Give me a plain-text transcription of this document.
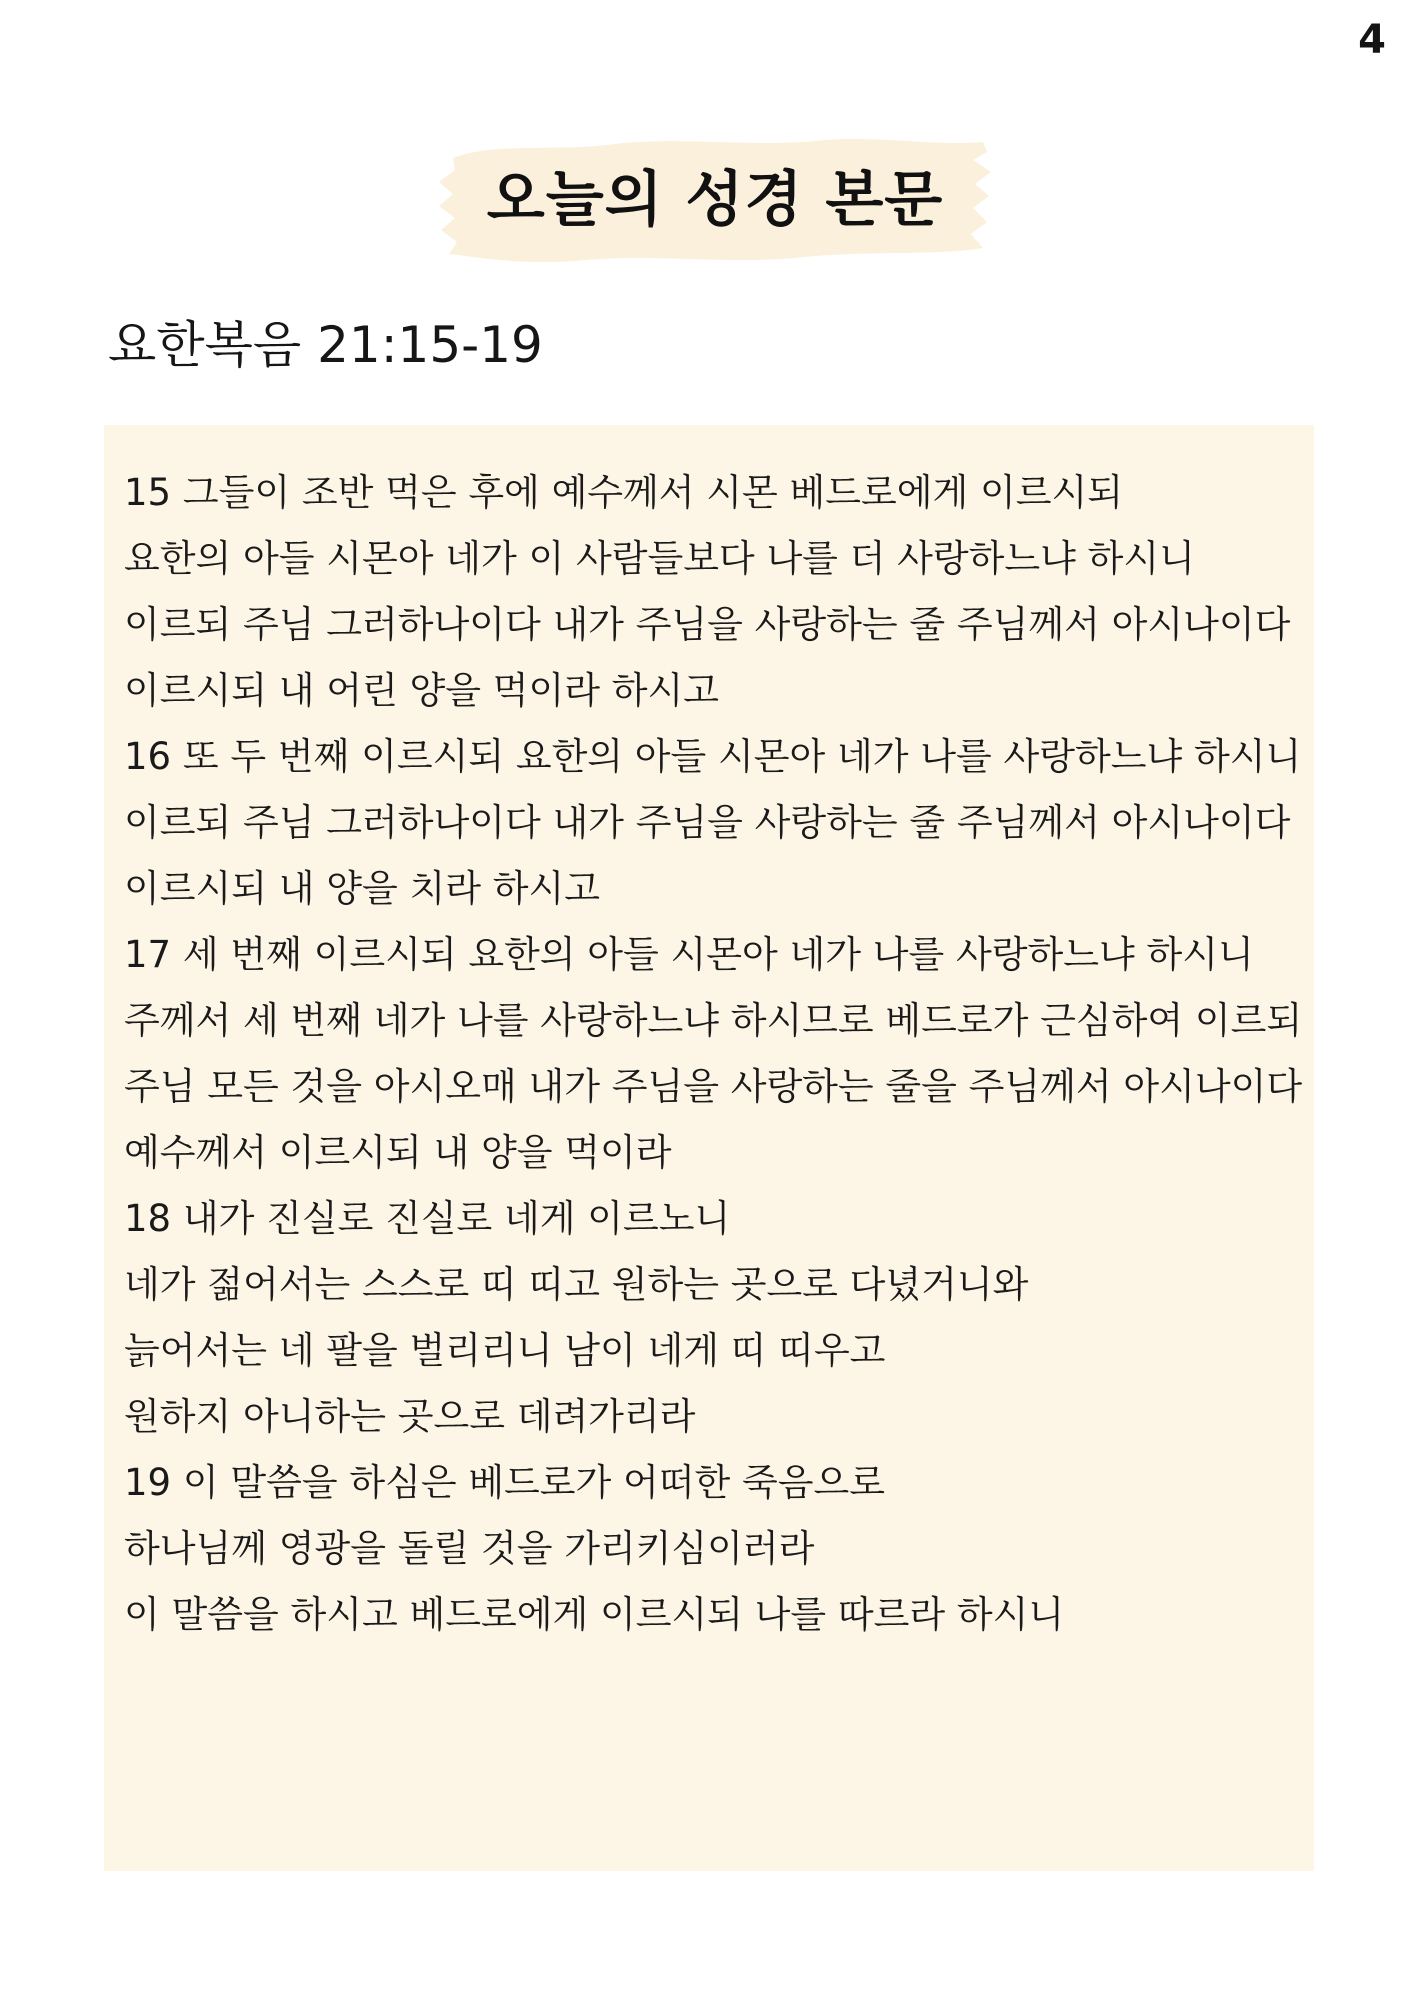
4
오늘의 성경 본문
요한복음 21:15-19
15 그들이 조반 먹은 후에 예수께서 시몬 베드로에게 이르시되
요한의 아들 시몬아 네가 이 사람들보다 나를 더 사랑하느냐 하시니
이르되 주님 그러하나이다 내가 주님을 사랑하는 줄 주님께서 아시나이다
이르시되 내 어린 양을 먹이라 하시고
16 또 두 번째 이르시되 요한의 아들 시몬아 네가 나를 사랑하느냐 하시니
이르되 주님 그러하나이다 내가 주님을 사랑하는 줄 주님께서 아시나이다
이르시되 내 양을 치라 하시고
17 세 번째 이르시되 요한의 아들 시몬아 네가 나를 사랑하느냐 하시니
주께서 세 번째 네가 나를 사랑하느냐 하시므로 베드로가 근심하여 이르되
주님 모든 것을 아시오매 내가 주님을 사랑하는 줄을 주님께서 아시나이다
예수께서 이르시되 내 양을 먹이라
18 내가 진실로 진실로 네게 이르노니
네가 젊어서는 스스로 띠 띠고 원하는 곳으로 다녔거니와
늙어서는 네 팔을 벌리리니 남이 네게 띠 띠우고
원하지 아니하는 곳으로 데려가리라
19 이 말씀을 하심은 베드로가 어떠한 죽음으로
하나님께 영광을 돌릴 것을 가리키심이러라
이 말씀을 하시고 베드로에게 이르시되 나를 따르라 하시니
